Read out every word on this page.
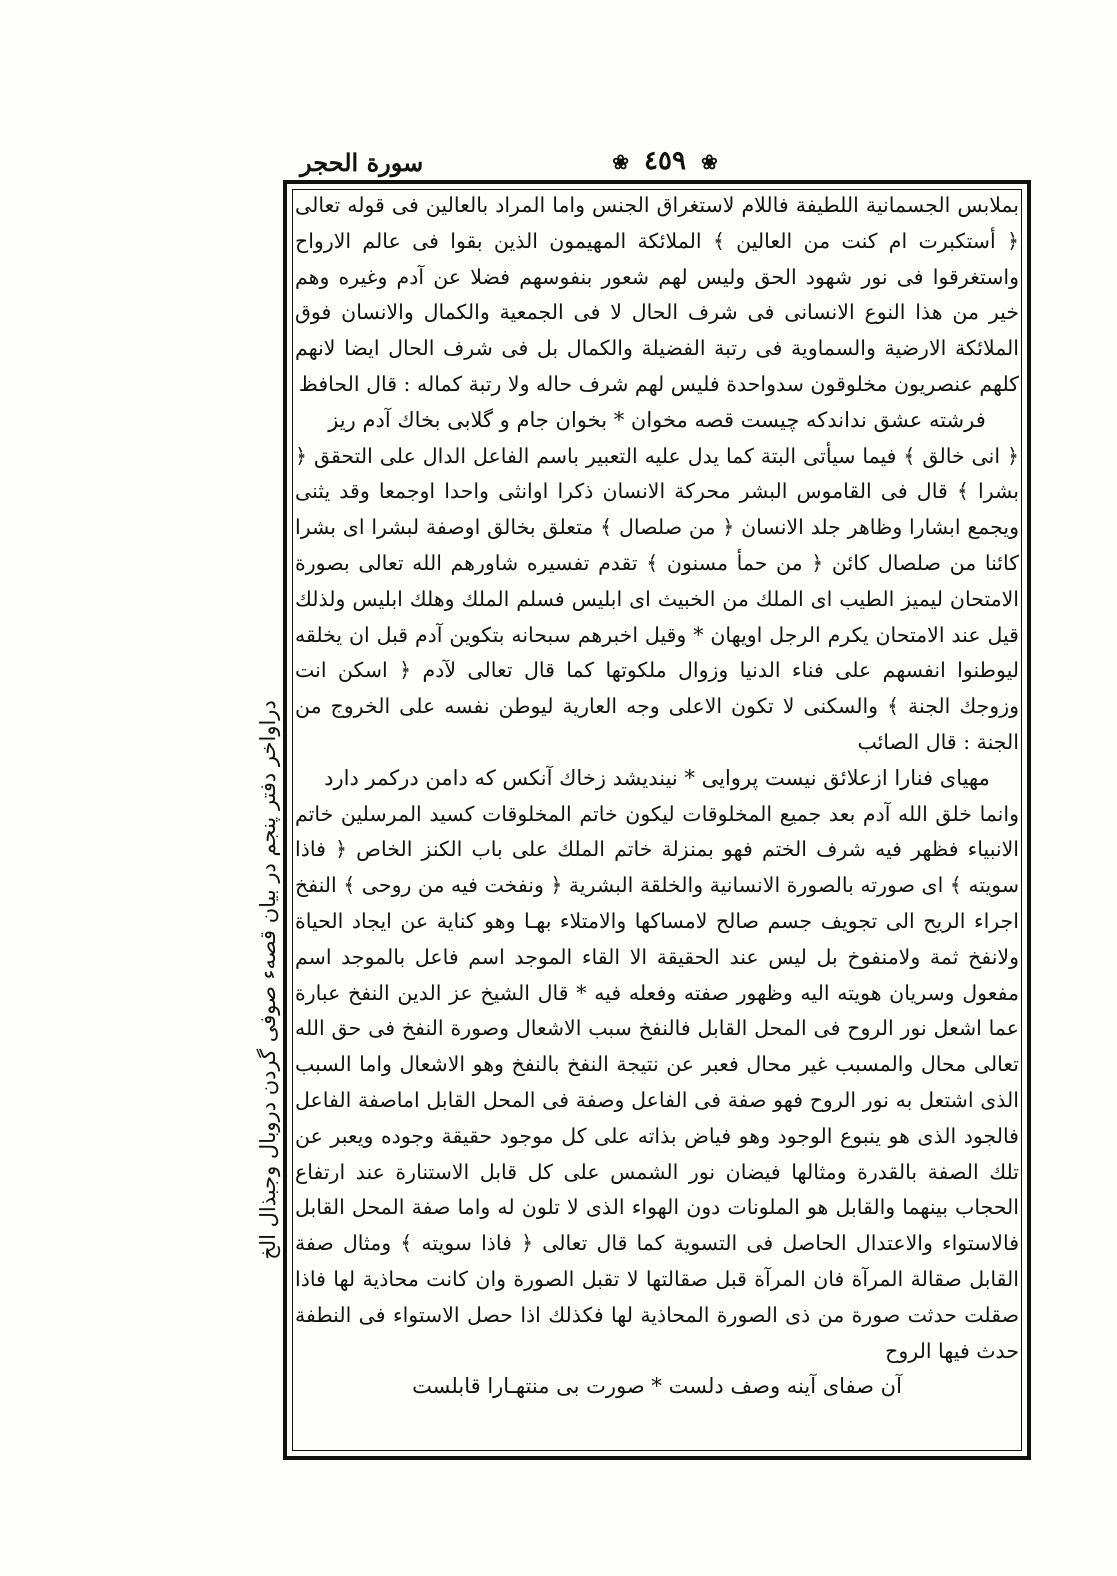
❀ ٤٥٩ ❀
سورة الحجر

بملابس الجسمانية اللطيفة فاللام لاستغراق الجنس واما المراد بالعالين فى قوله تعالى ﴿ أستكبرت ام كنت من العالين ﴾ الملائكة المهيمون الذين بقوا فى عالم الارواح واستغرقوا فى نور شهود الحق وليس لهم شعور بنفوسهم فضلا عن آدم وغيره وهم خير من هذا النوع الانسانى فى شرف الحال لا فى الجمعية والكمال والانسان فوق الملائكة الارضية والسماوية فى رتبة الفضيلة والكمال بل فى شرف الحال ايضا لانهم كلهم عنصريون مخلوقون سدواحدة فليس لهم شرف حاله ولا رتبة كماله : قال الحافظ

فرشته عشق نداندكه چيست قصه مخوان * بخوان جام و گلابى بخاك آدم ريز

﴿ انى خالق ﴾ فيما سيأتى البتة كما يدل عليه التعبير باسم الفاعل الدال على التحقق ﴿ بشرا ﴾ قال فى القاموس البشر محركة الانسان ذكرا اوانثى واحدا اوجمعا وقد يثنى ويجمع ابشارا وظاهر جلد الانسان ﴿ من صلصال ﴾ متعلق بخالق اوصفة لبشرا اى بشرا كائنا من صلصال كائن ﴿ من حمأ مسنون ﴾ تقدم تفسيره شاورهم الله تعالى بصورة الامتحان ليميز الطيب اى الملك من الخبيث اى ابليس فسلم الملك وهلك ابليس ولذلك قيل عند الامتحان يكرم الرجل اويهان * وقيل اخبرهم سبحانه بتكوين آدم قبل ان يخلقه ليوطنوا انفسهم على فناء الدنيا وزوال ملكوتها كما قال تعالى لآدم ﴿ اسكن انت وزوجك الجنة ﴾ والسكنى لا تكون الاعلى وجه العارية ليوطن نفسه على الخروج من الجنة : قال الصائب

مهياى فنارا ازعلائق نيست پروايى * نينديشد زخاك آنكس كه دامن دركمر دارد

وانما خلق الله آدم بعد جميع المخلوقات ليكون خاتم المخلوقات كسيد المرسلين خاتم الانبياء فظهر فيه شرف الختم فهو بمنزلة خاتم الملك على باب الكنز الخاص ﴿ فاذا سويته ﴾ اى صورته بالصورة الانسانية والخلقة البشرية ﴿ ونفخت فيه من روحى ﴾ النفخ اجراء الريح الى تجويف جسم صالح لامساكها والامتلاء بهـا وهو كناية عن ايجاد الحياة ولانفخ ثمة ولامنفوخ بل ليس عند الحقيقة الا القاء الموجد اسم فاعل بالموجد اسم مفعول وسريان هويته اليه وظهور صفته وفعله فيه * قال الشيخ عز الدين النفخ عبارة عما اشعل نور الروح فى المحل القابل فالنفخ سبب الاشعال وصورة النفخ فى حق الله تعالى محال والمسبب غير محال فعبر عن نتيجة النفخ بالنفخ وهو الاشعال واما السبب الذى اشتعل به نور الروح فهو صفة فى الفاعل وصفة فى المحل القابل اماصفة الفاعل فالجود الذى هو ينبوع الوجود وهو فياض بذاته على كل موجود حقيقة وجوده ويعبر عن تلك الصفة بالقدرة ومثالها فيضان نور الشمس على كل قابل الاستنارة عند ارتفاع الحجاب بينهما والقابل هو الملونات دون الهواء الذى لا تلون له واما صفة المحل القابل فالاستواء والاعتدال الحاصل فى التسوية كما قال تعالى ﴿ فاذا سويته ﴾ ومثال صفة القابل صقالة المرآة فان المرآة قبل صقالتها لا تقبل الصورة وان كانت محاذية لها فاذا صقلت حدثت صورة من ذى الصورة المحاذية لها فكذلك اذا حصل الاستواء فى النطفة حدث فيها الروح

آن صفاى آينه وصف دلست * صورت بى منتهـارا قابلست

دراواخر دفتر پنجم در بيان قصهء صوفى گردن دروبال وجبذال الخ
